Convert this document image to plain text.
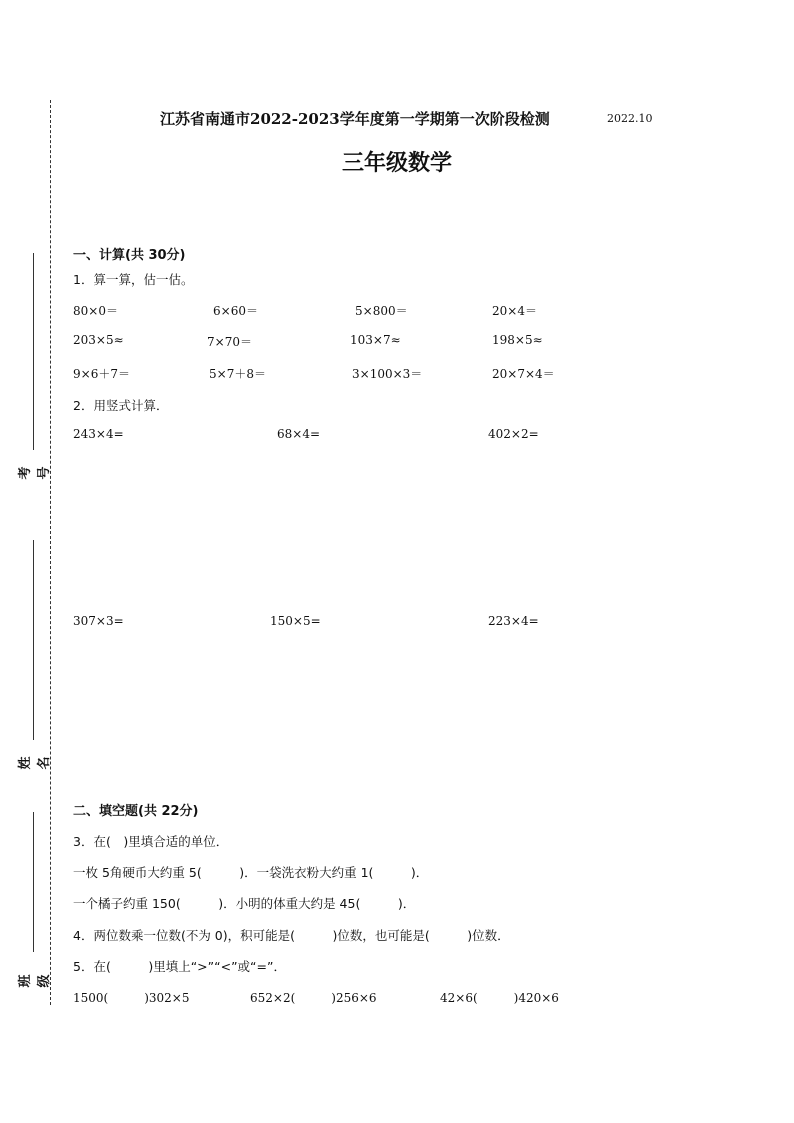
考号
姓名
班级
江苏省南通市2022-2023学年度第一学期第一次阶段检测	2022.10
三年级数学
一、计算(共 30分)
1．算一算，估一估。
80×0＝	6×60＝	5×800＝	20×4＝
203×5≈	7×70＝	103×7≈	198×5≈
9×6＋7＝	5×7＋8＝	3×100×3＝	20×7×4＝
2．用竖式计算．
243×4=	68×4=	402×2=
307×3=	150×5=	223×4=
二、填空题(共 22分)
3．在(　)里填合适的单位．
一枚 5角硬币大约重 5(　　　)．一袋洗衣粉大约重 1(　　　)．
一个橘子约重 150(　　　)．小明的体重大约是 45(　　　)．
4．两位数乘一位数(不为 0)，积可能是(　　　)位数，也可能是(　　　)位数．
5．在(　　　)里填上“>”“<”或“=”．
1500(　　　)302×5	652×2(　　　)256×6	42×6(　　　)420×6
